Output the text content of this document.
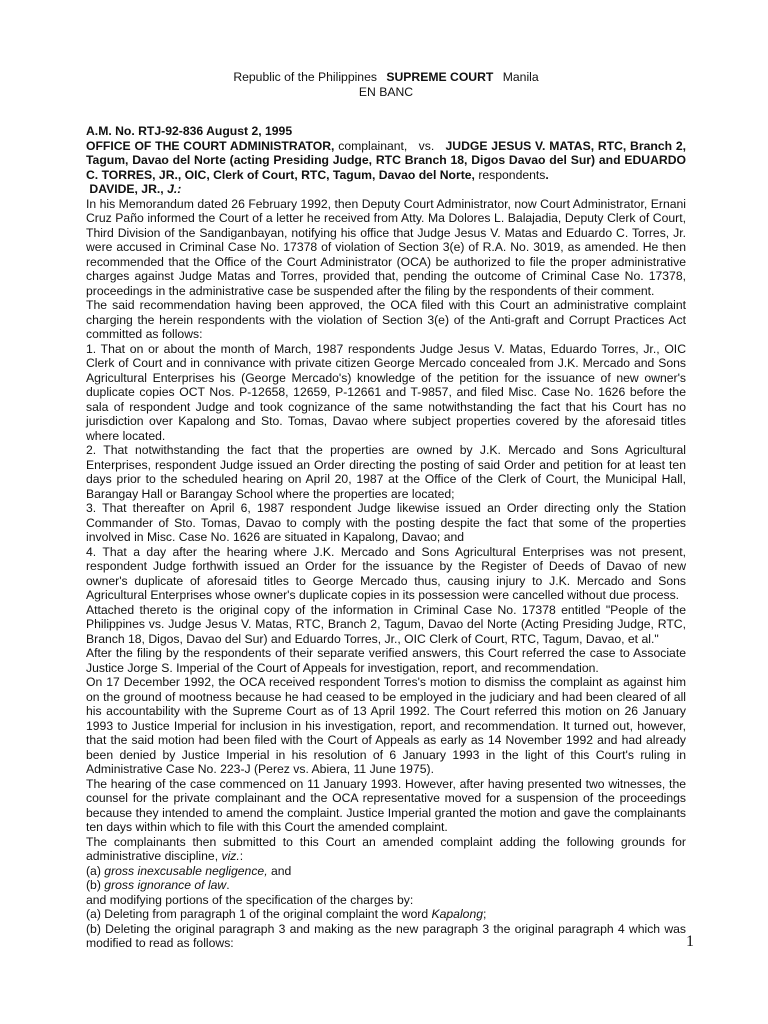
Republic of the Philippines SUPREME COURT Manila
EN BANC

A.M. No. RTJ-92-836 August 2, 1995

OFFICE OF THE COURT ADMINISTRATOR, complainant, vs. JUDGE JESUS V. MATAS, RTC, Branch 2, Tagum, Davao del Norte (acting Presiding Judge, RTC Branch 18, Digos Davao del Sur) and EDUARDO C. TORRES, JR., OIC, Clerk of Court, RTC, Tagum, Davao del Norte, respondents.

DAVIDE, JR., J.:

In his Memorandum dated 26 February 1992, then Deputy Court Administrator, now Court Administrator, Ernani Cruz Paño informed the Court of a letter he received from Atty. Ma Dolores L. Balajadia, Deputy Clerk of Court, Third Division of the Sandiganbayan, notifying his office that Judge Jesus V. Matas and Eduardo C. Torres, Jr. were accused in Criminal Case No. 17378 of violation of Section 3(e) of R.A. No. 3019, as amended. He then recommended that the Office of the Court Administrator (OCA) be authorized to file the proper administrative charges against Judge Matas and Torres, provided that, pending the outcome of Criminal Case No. 17378, proceedings in the administrative case be suspended after the filing by the respondents of their comment.

The said recommendation having been approved, the OCA filed with this Court an administrative complaint charging the herein respondents with the violation of Section 3(e) of the Anti-graft and Corrupt Practices Act committed as follows:

1. That on or about the month of March, 1987 respondents Judge Jesus V. Matas, Eduardo Torres, Jr., OIC Clerk of Court and in connivance with private citizen George Mercado concealed from J.K. Mercado and Sons Agricultural Enterprises his (George Mercado's) knowledge of the petition for the issuance of new owner's duplicate copies OCT Nos. P-12658, 12659, P-12661 and T-9857, and filed Misc. Case No. 1626 before the sala of respondent Judge and took cognizance of the same notwithstanding the fact that his Court has no jurisdiction over Kapalong and Sto. Tomas, Davao where subject properties covered by the aforesaid titles where located.

2. That notwithstanding the fact that the properties are owned by J.K. Mercado and Sons Agricultural Enterprises, respondent Judge issued an Order directing the posting of said Order and petition for at least ten days prior to the scheduled hearing on April 20, 1987 at the Office of the Clerk of Court, the Municipal Hall, Barangay Hall or Barangay School where the properties are located;

3. That thereafter on April 6, 1987 respondent Judge likewise issued an Order directing only the Station Commander of Sto. Tomas, Davao to comply with the posting despite the fact that some of the properties involved in Misc. Case No. 1626 are situated in Kapalong, Davao; and

4. That a day after the hearing where J.K. Mercado and Sons Agricultural Enterprises was not present, respondent Judge forthwith issued an Order for the issuance by the Register of Deeds of Davao of new owner's duplicate of aforesaid titles to George Mercado thus, causing injury to J.K. Mercado and Sons Agricultural Enterprises whose owner's duplicate copies in its possession were cancelled without due process.

Attached thereto is the original copy of the information in Criminal Case No. 17378 entitled "People of the Philippines vs. Judge Jesus V. Matas, RTC, Branch 2, Tagum, Davao del Norte (Acting Presiding Judge, RTC, Branch 18, Digos, Davao del Sur) and Eduardo Torres, Jr., OIC Clerk of Court, RTC, Tagum, Davao, et al."

After the filing by the respondents of their separate verified answers, this Court referred the case to Associate Justice Jorge S. Imperial of the Court of Appeals for investigation, report, and recommendation.

On 17 December 1992, the OCA received respondent Torres's motion to dismiss the complaint as against him on the ground of mootness because he had ceased to be employed in the judiciary and had been cleared of all his accountability with the Supreme Court as of 13 April 1992. The Court referred this motion on 26 January 1993 to Justice Imperial for inclusion in his investigation, report, and recommendation. It turned out, however, that the said motion had been filed with the Court of Appeals as early as 14 November 1992 and had already been denied by Justice Imperial in his resolution of 6 January 1993 in the light of this Court's ruling in Administrative Case No. 223-J (Perez vs. Abiera, 11 June 1975).

The hearing of the case commenced on 11 January 1993. However, after having presented two witnesses, the counsel for the private complainant and the OCA representative moved for a suspension of the proceedings because they intended to amend the complaint. Justice Imperial granted the motion and gave the complainants ten days within which to file with this Court the amended complaint.

The complainants then submitted to this Court an amended complaint adding the following grounds for administrative discipline, viz.:

(a) gross inexcusable negligence, and

(b) gross ignorance of law.

and modifying portions of the specification of the charges by:

(a) Deleting from paragraph 1 of the original complaint the word Kapalong;

(b) Deleting the original paragraph 3 and making as the new paragraph 3 the original paragraph 4 which was modified to read as follows:	1
